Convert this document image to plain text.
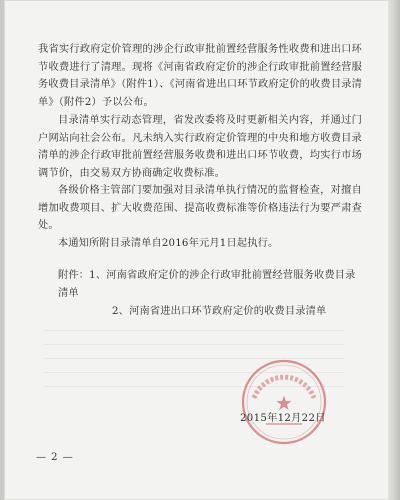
我省实行政府定价管理的涉企行政审批前置经营服务性收费和进出口环节收费进行了清理。现将《河南省政府定价的涉企行政审批前置经营服务收费目录清单》（附件1）、《河南省进出口环节政府定价的收费目录清单》（附件2）予以公布。

目录清单实行动态管理，省发改委将及时更新相关内容，并通过门户网站向社会公布。凡未纳入实行政府定价管理的中央和地方收费目录清单的涉企行政审批前置经营服务收费和进出口环节收费，均实行市场调节价，由交易双方协商确定收费标准。

各级价格主管部门要加强对目录清单执行情况的监督检查，对擅自增加收费项目、扩大收费范围、提高收费标准等价格违法行为要严肃查处。

本通知所附目录清单自2016年元月1日起执行。

附件：1、河南省政府定价的涉企行政审批前置经营服务收费目录清单
2、河南省进出口环节政府定价的收费目录清单
★
2015年12月22日
— 2 —
